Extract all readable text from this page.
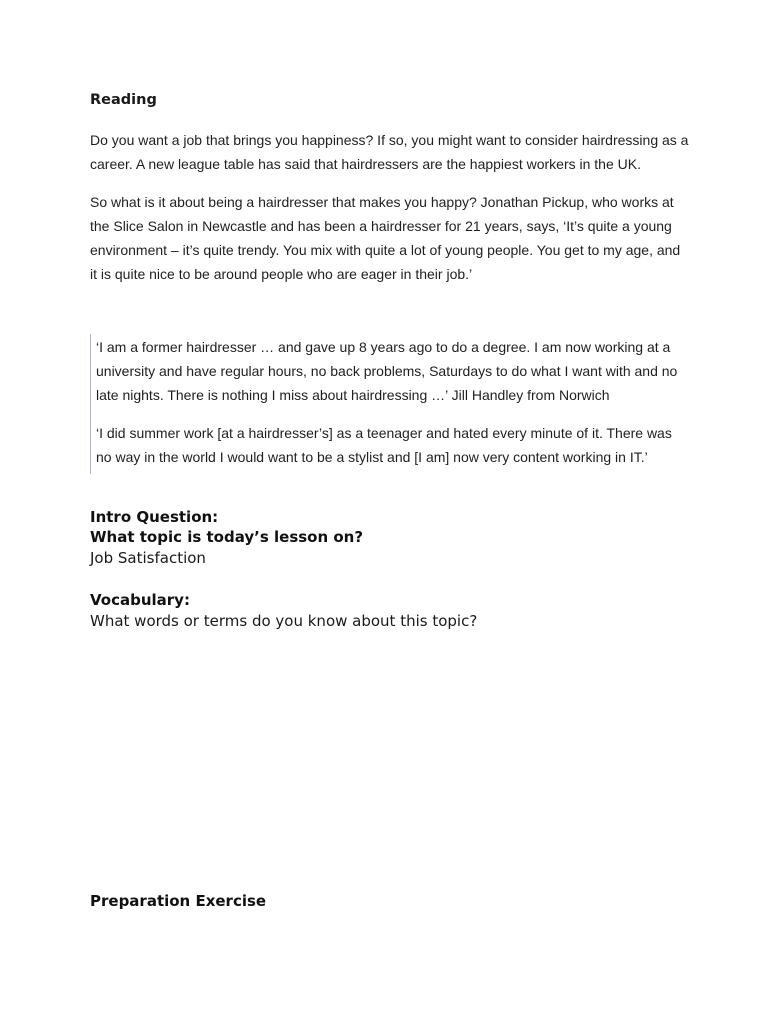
Reading

Do you want a job that brings you happiness? If so, you might want to consider hairdressing as a career. A new league table has said that hairdressers are the happiest workers in the UK.

So what is it about being a hairdresser that makes you happy? Jonathan Pickup, who works at the Slice Salon in Newcastle and has been a hairdresser for 21 years, says, ‘It’s quite a young environment – it’s quite trendy. You mix with quite a lot of young people. You get to my age, and it is quite nice to be around people who are eager in their job.’

‘I am a former hairdresser … and gave up 8 years ago to do a degree. I am now working at a university and have regular hours, no back problems, Saturdays to do what I want with and no late nights. There is nothing I miss about hairdressing …’ Jill Handley from Norwich

‘I did summer work [at a hairdresser’s] as a teenager and hated every minute of it. There was no way in the world I would want to be a stylist and [I am] now very content working in IT.’

Intro Question:
What topic is today’s lesson on?

Job Satisfaction

Vocabulary:

What words or terms do you know about this topic?

Preparation Exercise
